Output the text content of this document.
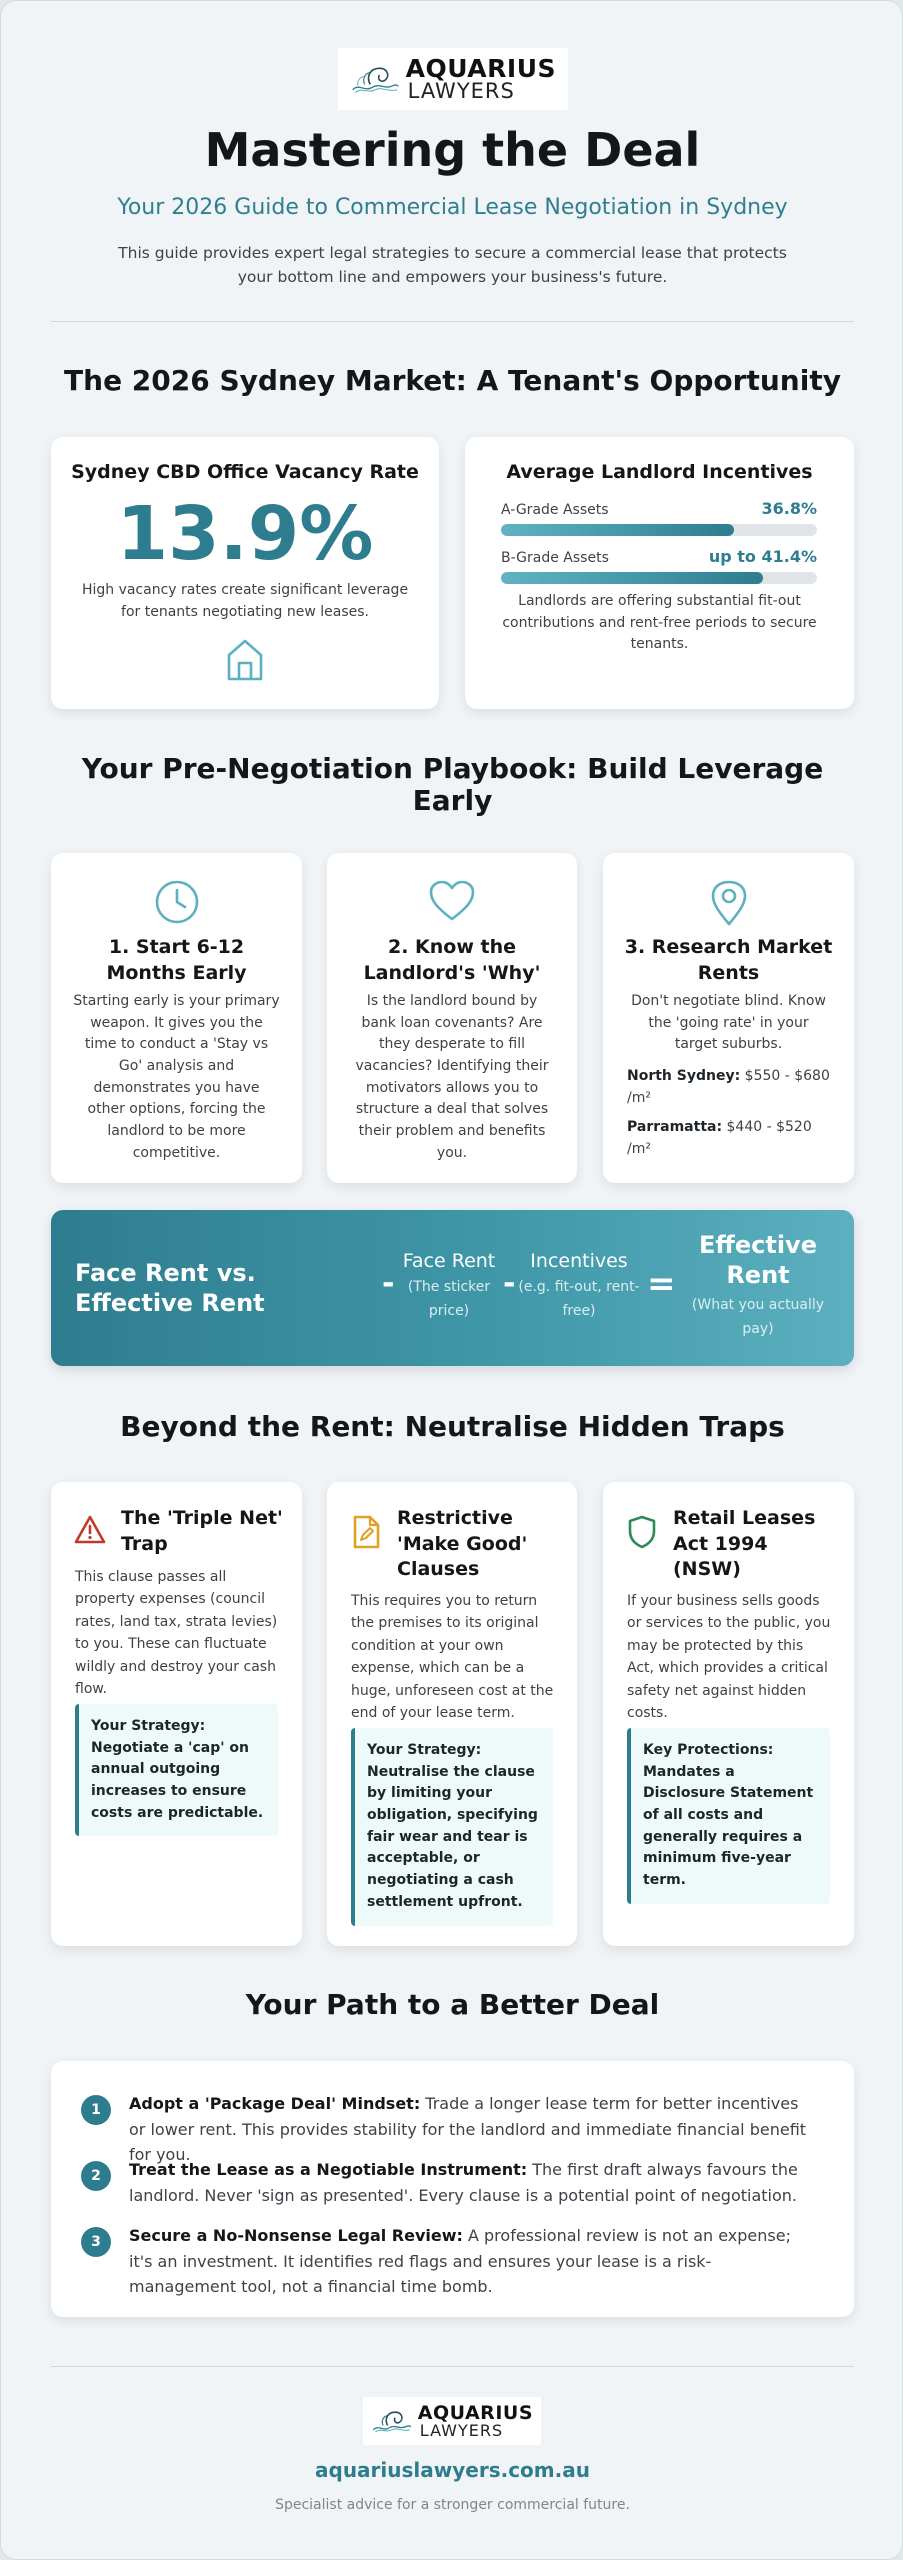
AQUARIUS
LAWYERS
Mastering the Deal
Your 2026 Guide to Commercial Lease Negotiation in Sydney

This guide provides expert legal strategies to secure a commercial lease that protects your bottom line and empowers your business's future.

The 2026 Sydney Market: A Tenant's Opportunity
Sydney CBD Office Vacancy Rate
13.9%
High vacancy rates create significant leverage for tenants negotiating new leases.
Average Landlord Incentives
A-Grade Assets	36.8%
B-Grade Assets	up to 41.4%
Landlords are offering substantial fit-out contributions and rent-free periods to secure tenants.
Your Pre-Negotiation Playbook: Build Leverage Early
1. Start 6-12 Months Early
Starting early is your primary weapon. It gives you the time to conduct a 'Stay vs Go' analysis and demonstrates you have other options, forcing the landlord to be more competitive.
2. Know the Landlord's 'Why'
Is the landlord bound by bank loan covenants? Are they desperate to fill vacancies? Identifying their motivators allows you to structure a deal that solves their problem and benefits you.
3. Research Market Rents
Don't negotiate blind. Know the 'going rate' in your target suburbs.
North Sydney: $550 - $680 /m²
Parramatta: $440 - $520 /m²
Face Rent vs. Effective Rent
-
Face Rent
(The sticker price)
-
Incentives
(e.g. fit-out, rent-free)
=
Effective Rent
(What you actually pay)
Beyond the Rent: Neutralise Hidden Traps
The 'Triple Net' Trap
This clause passes all property expenses (council rates, land tax, strata levies) to you. These can fluctuate wildly and destroy your cash flow.
Your Strategy: Negotiate a 'cap' on annual outgoing increases to ensure costs are predictable.
Restrictive 'Make Good' Clauses
This requires you to return the premises to its original condition at your own expense, which can be a huge, unforeseen cost at the end of your lease term.
Your Strategy: Neutralise the clause by limiting your obligation, specifying fair wear and tear is acceptable, or negotiating a cash settlement upfront.
Retail Leases Act 1994 (NSW)
If your business sells goods or services to the public, you may be protected by this Act, which provides a critical safety net against hidden costs.
Key Protections: Mandates a Disclosure Statement of all costs and generally requires a minimum five-year term.
Your Path to a Better Deal
1	Adopt a 'Package Deal' Mindset: Trade a longer lease term for better incentives or lower rent. This provides stability for the landlord and immediate financial benefit for you.
2	Treat the Lease as a Negotiable Instrument: The first draft always favours the landlord. Never 'sign as presented'. Every clause is a potential point of negotiation.
3	Secure a No-Nonsense Legal Review: A professional review is not an expense; it's an investment. It identifies red flags and ensures your lease is a risk-management tool, not a financial time bomb.
AQUARIUS
LAWYERS
aquariuslawyers.com.au
Specialist advice for a stronger commercial future.
